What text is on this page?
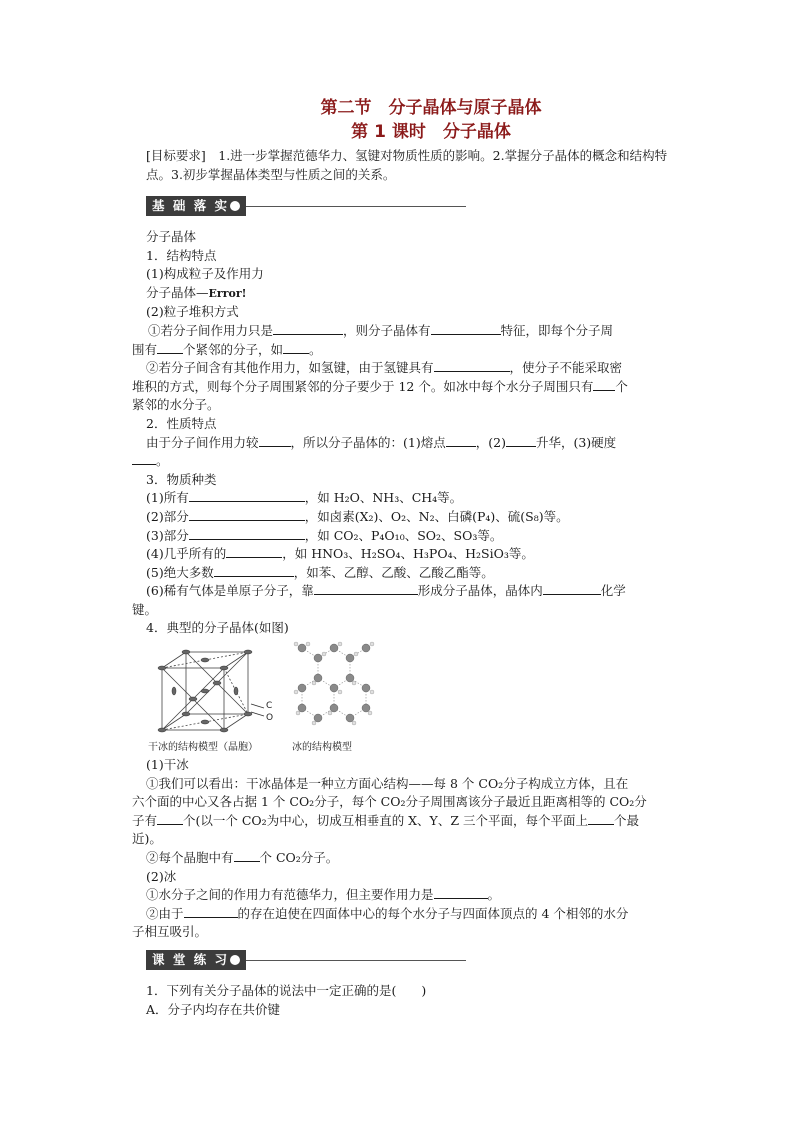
第二节　分子晶体与原子晶体
第 1 课时　分子晶体
[目标要求]　1.进一步掌握范德华力、氢键对物质性质的影响。2.掌握分子晶体的概念和结构特点。3.初步掌握晶体类型与性质之间的关系。
基 础 落 实
分子晶体
1．结构特点
(1)构成粒子及作用力
分子晶体—Error!
(2)粒子堆积方式
①若分子间作用力只是	，则分子晶体有	特征，即每个分子周
围有 个紧邻的分子，如 。
②若分子间含有其他作用力，如氢键，由于氢键具有	，使分子不能采取密
堆积的方式，则每个分子周围紧邻的分子要少于 12 个。如冰中每个水分子周围只有 个
紧邻的水分子。
2．性质特点
由于分子间作用力较	，所以分子晶体的：(1)熔点 ，(2) 升华，(3)硬度
。
3．物质种类
(1)所有	，如 H₂O、NH₃、CH₄等。
(2)部分	，如卤素(X₂)、O₂、N₂、白磷(P₄)、硫(S₈)等。
(3)部分	，如 CO₂、P₄O₁₀、SO₂、SO₃等。
(4)几乎所有的	，如 HNO₃、H₂SO₄、H₃PO₄、H₂SiO₃等。
(5)绝大多数	，如苯、乙醇、乙酸、乙酸乙酯等。
(6)稀有气体是单原子分子，靠	形成分子晶体，晶体内	化学
键。
4．典型的分子晶体(如图)
C
O
干冰的结构模型（晶胞）	冰的结构模型
(1)干冰
①我们可以看出：干冰晶体是一种立方面心结构——每 8 个 CO₂分子构成立方体，且在
六个面的中心又各占据 1 个 CO₂分子，每个 CO₂分子周围离该分子最近且距离相等的 CO₂分
子有 个(以一个 CO₂为中心，切成互相垂直的 X、Y、Z 三个平面，每个平面上 个最
近)。
②每个晶胞中有 个 CO₂分子。
(2)冰
①水分子之间的作用力有范德华力，但主要作用力是	。
②由于	的存在迫使在四面体中心的每个水分子与四面体顶点的 4 个相邻的水分
子相互吸引。
课 堂 练 习
1．下列有关分子晶体的说法中一定正确的是(　　)
A．分子内均存在共价键
